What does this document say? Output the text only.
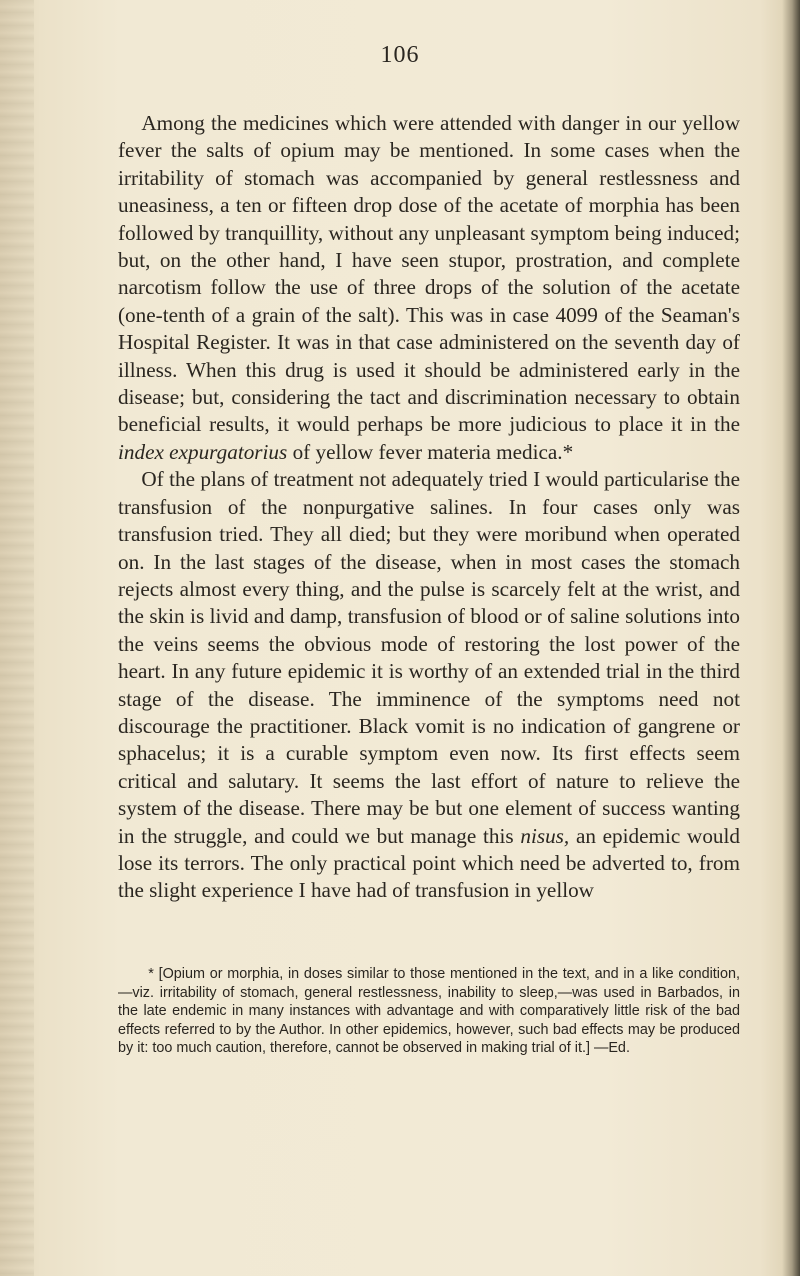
106

Among the medicines which were attended with danger in our yellow fever the salts of opium may be mentioned. In some cases when the irritability of stomach was accompanied by general restlessness and uneasiness, a ten or fifteen drop dose of the acetate of morphia has been followed by tranquillity, without any unpleasant symptom being induced; but, on the other hand, I have seen stupor, prostration, and complete narcotism follow the use of three drops of the solution of the acetate (one-tenth of a grain of the salt). This was in case 4099 of the Seaman's Hospital Register. It was in that case administered on the seventh day of illness. When this drug is used it should be administered early in the disease; but, considering the tact and discrimination necessary to obtain beneficial results, it would perhaps be more judicious to place it in the index expurgatorius of yellow fever materia medica.*

Of the plans of treatment not adequately tried I would particularise the transfusion of the nonpurgative salines. In four cases only was transfusion tried. They all died; but they were moribund when operated on. In the last stages of the disease, when in most cases the stomach rejects almost every thing, and the pulse is scarcely felt at the wrist, and the skin is livid and damp, transfusion of blood or of saline solutions into the veins seems the obvious mode of restoring the lost power of the heart. In any future epidemic it is worthy of an extended trial in the third stage of the disease. The imminence of the symptoms need not discourage the practitioner. Black vomit is no indication of gangrene or sphacelus; it is a curable symptom even now. Its first effects seem critical and salutary. It seems the last effort of nature to relieve the system of the disease. There may be but one element of success wanting in the struggle, and could we but manage this nisus, an epidemic would lose its terrors. The only practical point which need be adverted to, from the slight experience I have had of transfusion in yellow

* [Opium or morphia, in doses similar to those mentioned in the text, and in a like condition,—viz. irritability of stomach, general restlessness, inability to sleep,—was used in Barbados, in the late endemic in many instances with advantage and with comparatively little risk of the bad effects referred to by the Author. In other epidemics, however, such bad effects may be produced by it: too much caution, therefore, cannot be observed in making trial of it.] —Ed.
